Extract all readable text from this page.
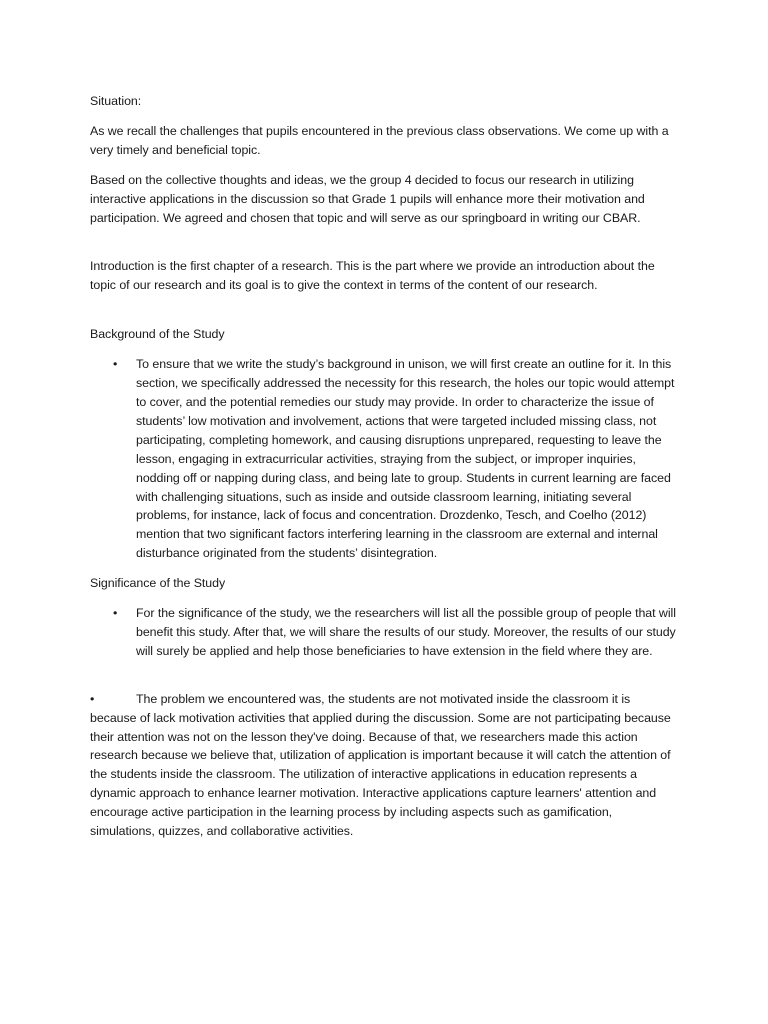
Situation:

As we recall the challenges that pupils encountered in the previous class observations. We come up with a very timely and beneficial topic.

Based on the collective thoughts and ideas, we the group 4 decided to focus our research in utilizing interactive applications in the discussion so that Grade 1 pupils will enhance more their motivation and participation. We agreed and chosen that topic and will serve as our springboard in writing our CBAR.

Introduction is the first chapter of a research. This is the part where we provide an introduction about the topic of our research and its goal is to give the context in terms of the content of our research.

Background of the Study

• To ensure that we write the study’s background in unison, we will first create an outline for it. In this section, we specifically addressed the necessity for this research, the holes our topic would attempt to cover, and the potential remedies our study may provide. In order to characterize the issue of students’ low motivation and involvement, actions that were targeted included missing class, not participating, completing homework, and causing disruptions unprepared, requesting to leave the lesson, engaging in extracurricular activities, straying from the subject, or improper inquiries, nodding off or napping during class, and being late to group. Students in current learning are faced with challenging situations, such as inside and outside classroom learning, initiating several problems, for instance, lack of focus and concentration. Drozdenko, Tesch, and Coelho (2012) mention that two significant factors interfering learning in the classroom are external and internal disturbance originated from the students’ disintegration.

Significance of the Study

• For the significance of the study, we the researchers will list all the possible group of people that will benefit this study. After that, we will share the results of our study. Moreover, the results of our study will surely be applied and help those beneficiaries to have extension in the field where they are.

•	The problem we encountered was, the students are not motivated inside the classroom it is because of lack motivation activities that applied during the discussion. Some are not participating because their attention was not on the lesson they've doing. Because of that, we researchers made this action research because we believe that, utilization of application is important because it will catch the attention of the students inside the classroom. The utilization of interactive applications in education represents a dynamic approach to enhance learner motivation. Interactive applications capture learners' attention and encourage active participation in the learning process by including aspects such as gamification, simulations, quizzes, and collaborative activities.
